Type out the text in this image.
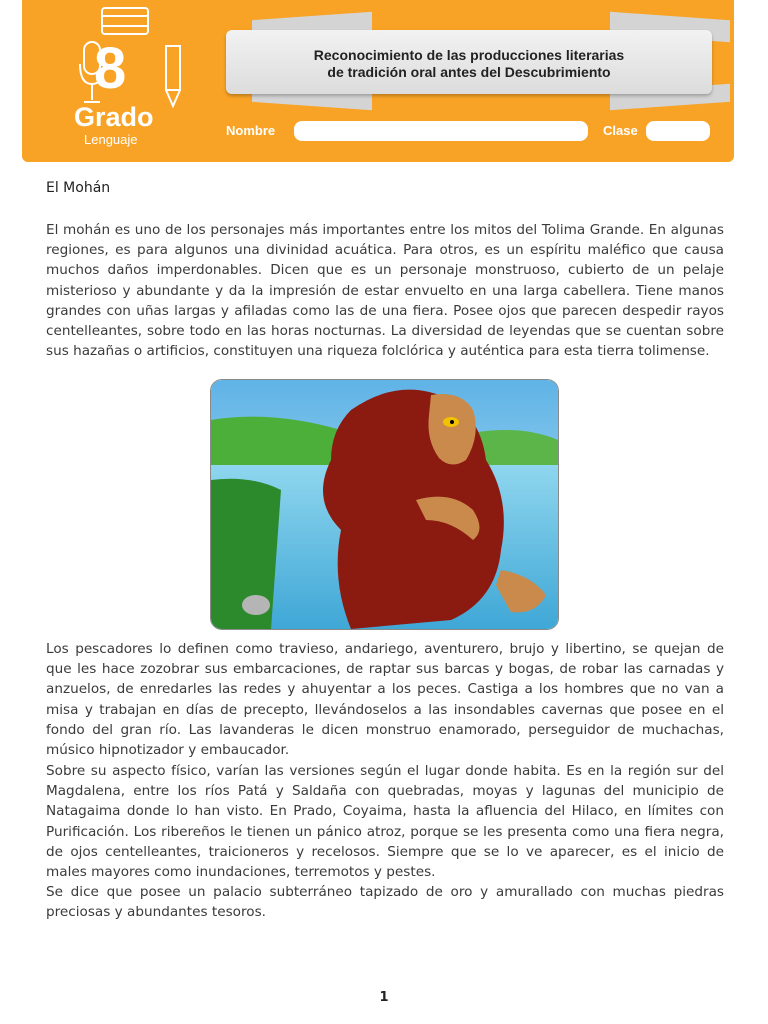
8
Grado
Lenguaje
Reconocimiento de las producciones literarias
de tradición oral antes del Descubrimiento
Nombre	Clase
El Mohán

El mohán es uno de los personajes más importantes entre los mitos del Tolima Grande. En algunas regiones, es para algunos una divinidad acuática. Para otros, es un espíritu maléfico que causa muchos daños imperdonables. Dicen que es un personaje monstruoso, cubierto de un pelaje misterioso y abundante y da la impresión de estar envuelto en una larga cabellera. Tiene manos grandes con uñas largas y afiladas como las de una fiera. Posee ojos que parecen despedir rayos centelleantes, sobre todo en las horas nocturnas. La diversidad de leyendas que se cuentan sobre sus hazañas o artificios, constituyen una riqueza folclórica y auténtica para esta tierra tolimense.

Los pescadores lo definen como travieso, andariego, aventurero, brujo y libertino, se quejan de que les hace zozobrar sus embarcaciones, de raptar sus barcas y bogas, de robar las carnadas y anzuelos, de enredarles las redes y ahuyentar a los peces. Castiga a los hombres que no van a misa y trabajan en días de precepto, llevándoselos a las insondables cavernas que posee en el fondo del gran río. Las lavanderas le dicen monstruo enamorado, perseguidor de muchachas, músico hipnotizador y embaucador.

Sobre su aspecto físico, varían las versiones según el lugar donde habita. Es en la región sur del Magdalena, entre los ríos Patá y Saldaña con quebradas, moyas y lagunas del municipio de Natagaima donde lo han visto. En Prado, Coyaima, hasta la afluencia del Hilaco, en límites con Purificación. Los ribereños le tienen un pánico atroz, porque se les presenta como una fiera negra, de ojos centelleantes, traicioneros y recelosos. Siempre que se lo ve aparecer, es el inicio de males mayores como inundaciones, terremotos y pestes.

Se dice que posee un palacio subterráneo tapizado de oro y amurallado con muchas piedras preciosas y abundantes tesoros.

1
